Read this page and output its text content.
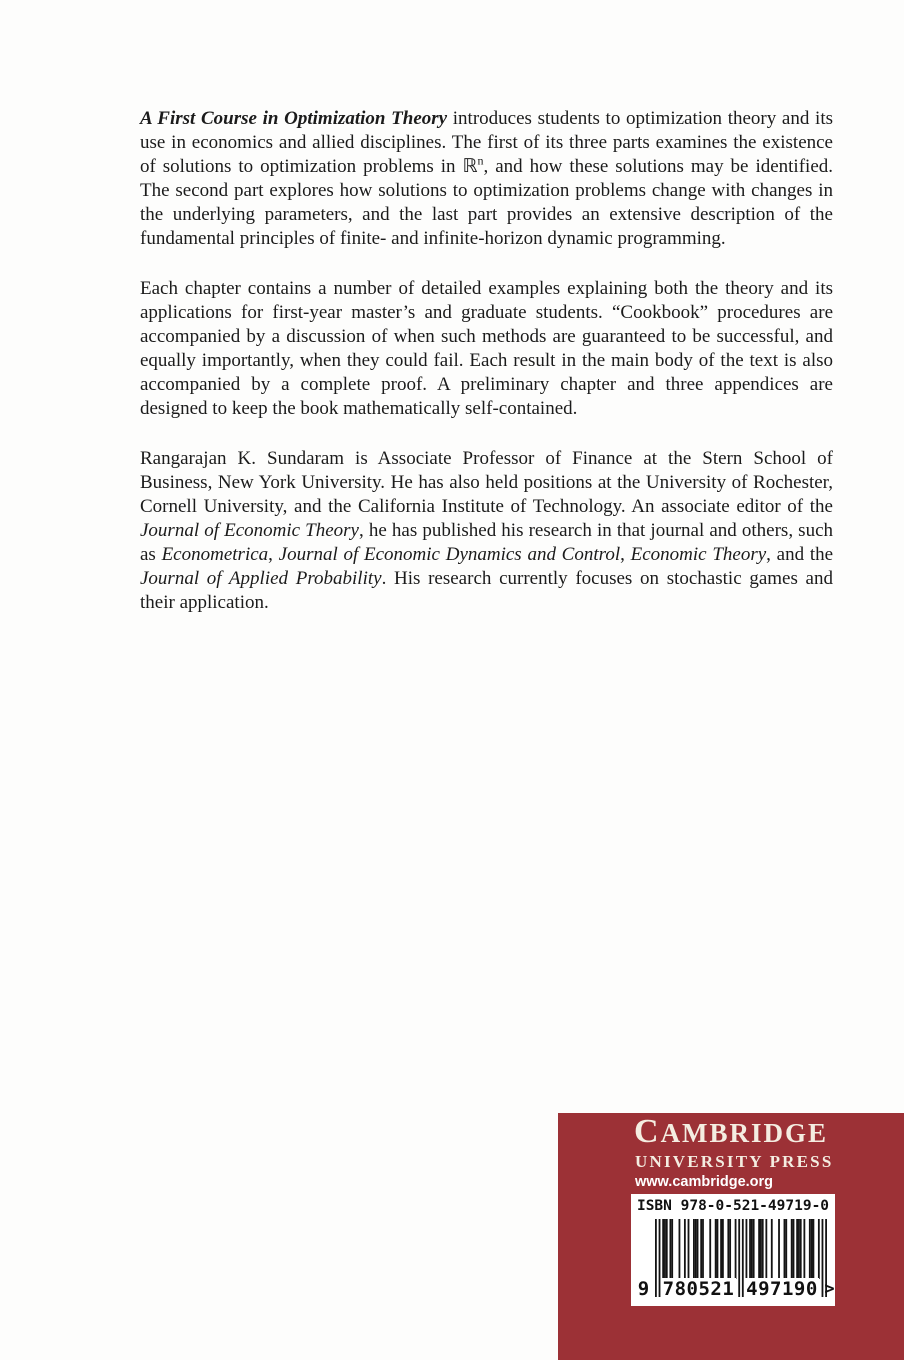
A First Course in Optimization Theory introduces students to optimization theory and its use in economics and allied disciplines. The first of its three parts examines the existence of solutions to optimization problems in ℝ$^n$, and how these solutions may be identified. The second part explores how solutions to optimization problems change with changes in the underlying parameters, and the last part provides an extensive description of the fundamental principles of finite- and infinite-horizon dynamic programming.

Each chapter contains a number of detailed examples explaining both the theory and its applications for first-year master’s and graduate students. “Cookbook” procedures are accompanied by a discussion of when such methods are guaranteed to be successful, and equally importantly, when they could fail. Each result in the main body of the text is also accompanied by a complete proof. A preliminary chapter and three appendices are designed to keep the book mathematically self-contained.

Rangarajan K. Sundaram is Associate Professor of Finance at the Stern School of Business, New York University. He has also held positions at the University of Rochester, Cornell University, and the California Institute of Technology. An associate editor of the Journal of Economic Theory, he has published his research in that journal and others, such as Econometrica, Journal of Economic Dynamics and Control, Economic Theory, and the Journal of Applied Probability. His research currently focuses on stochastic games and their application.

CAMBRIDGE
UNIVERSITY PRESS
www.cambridge.org
ISBN 978-0-521-49719-0
9 780521 497190 >
